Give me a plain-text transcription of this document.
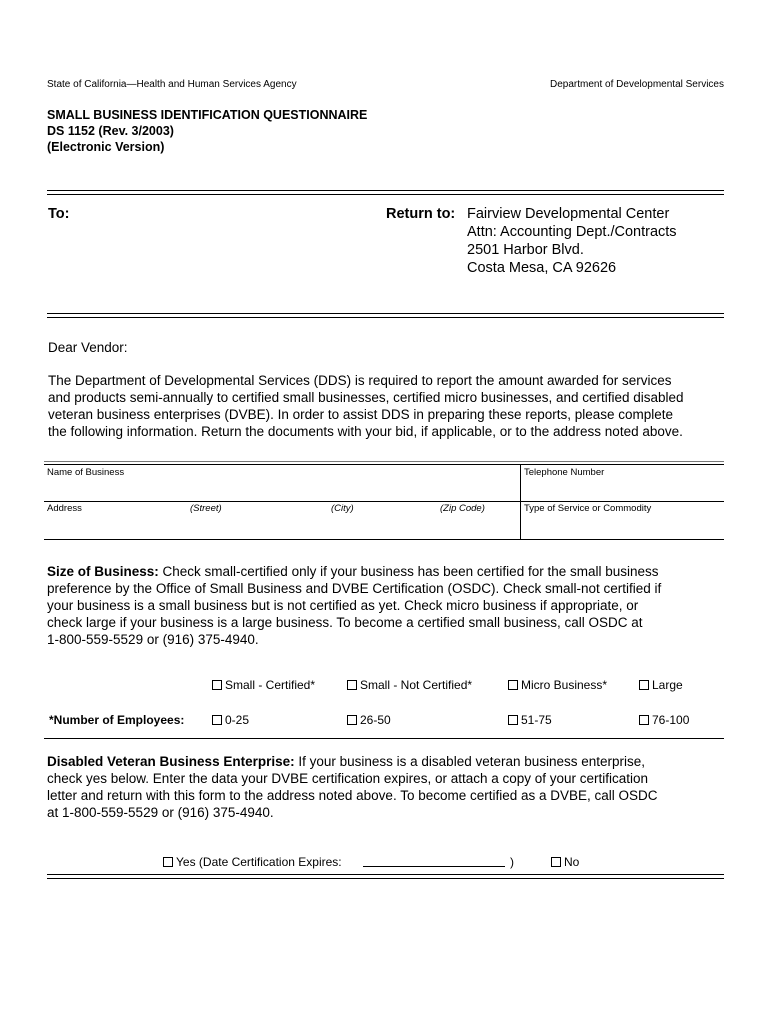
State of California—Health and Human Services Agency	Department of Developmental Services
SMALL BUSINESS IDENTIFICATION QUESTIONNAIRE
DS 1152 (Rev. 3/2003)
(Electronic Version)
To:	Return to: Fairview Developmental Center
Attn: Accounting Dept./Contracts
2501 Harbor Blvd.
Costa Mesa, CA 92626
Dear Vendor:
The Department of Developmental Services (DDS) is required to report the amount awarded for services
and products semi-annually to certified small businesses, certified micro businesses, and certified disabled
veteran business enterprises (DVBE). In order to assist DDS in preparing these reports, please complete
the following information. Return the documents with your bid, if applicable, or to the address noted above.
Name of Business	Telephone Number
Address	(Street)	(City)	(Zip Code)	Type of Service or Commodity
Size of Business: Check small-certified only if your business has been certified for the small business
preference by the Office of Small Business and DVBE Certification (OSDC). Check small-not certified if
your business is a small business but is not certified as yet. Check micro business if appropriate, or
check large if your business is a large business. To become a certified small business, call OSDC at
1-800-559-5529 or (916) 375-4940.
Small - Certified*	Small - Not Certified*	Micro Business*	Large
*Number of Employees:	0-25	26-50	51-75	76-100
Disabled Veteran Business Enterprise: If your business is a disabled veteran business enterprise,
check yes below. Enter the data your DVBE certification expires, or attach a copy of your certification
letter and return with this form to the address noted above. To become certified as a DVBE, call OSDC
at 1-800-559-5529 or (916) 375-4940.
Yes (Date Certification Expires:	)	No
